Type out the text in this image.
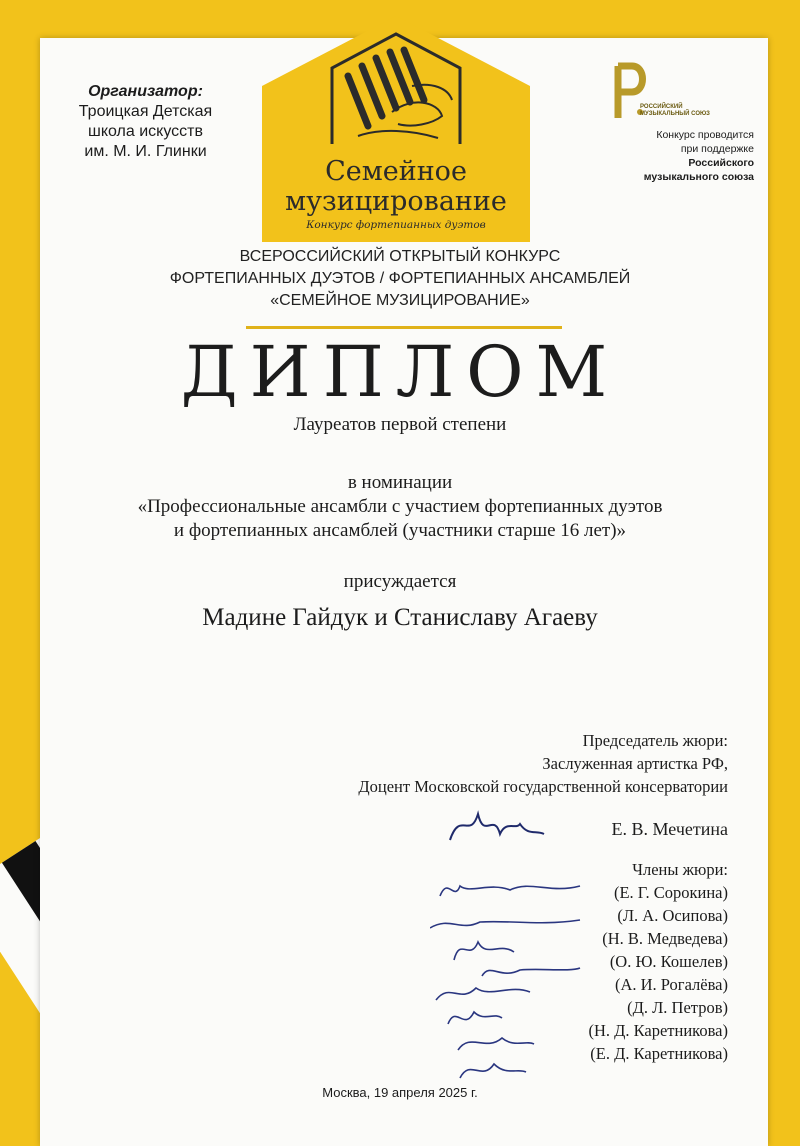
Семейное
музицирование
Конкурс фортепианных дуэтов
Организатор:
Троицкая Детская
школа искусств
им. М. И. Глинки
РОССИЙСКИЙ
МУЗЫКАЛЬНЫЙ СОЮЗ
Конкурс проводится
при поддержке
Российского
музыкального союза
ВСЕРОССИЙСКИЙ ОТКРЫТЫЙ КОНКУРС
ФОРТЕПИАННЫХ ДУЭТОВ / ФОРТЕПИАННЫХ АНСАМБЛЕЙ
«СЕМЕЙНОЕ МУЗИЦИРОВАНИЕ»
ДИПЛОМ
Лауреатов первой степени
в номинации
«Профессиональные ансамбли с участием фортепианных дуэтов
и фортепианных ансамблей (участники старше 16 лет)»
присуждается
Мадине Гайдук и Станиславу Агаеву
Председатель жюри:
Заслуженная артистка РФ,
Доцент Московской государственной консерватории
Е. В. Мечетина
Члены жюри:
(Е. Г. Сорокина)
(Л. А. Осипова)
(Н. В. Медведева)
(О. Ю. Кошелев)
(А. И. Рогалёва)
(Д. Л. Петров)
(Н. Д. Каретникова)
(Е. Д. Каретникова)
Москва, 19 апреля 2025 г.
